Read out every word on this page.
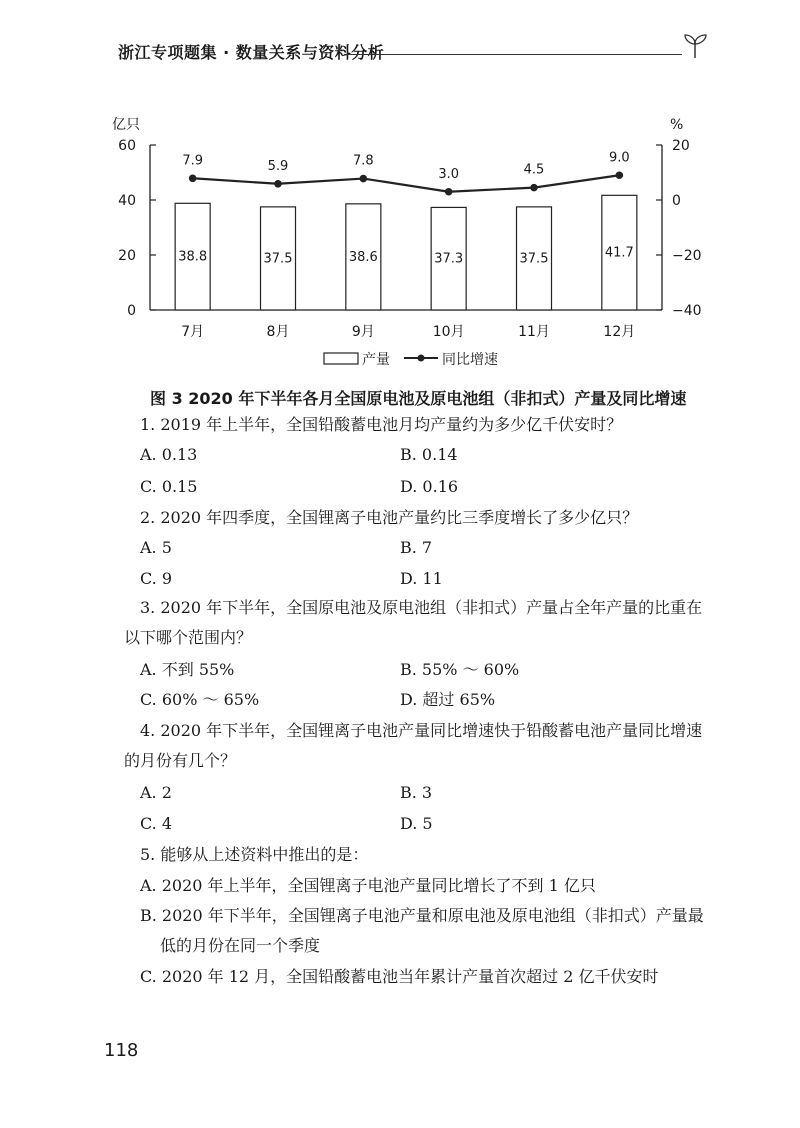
浙江专项题集 · 数量关系与资料分析
亿只	%
0
20
40
60
−40
−20
0
20
7月	8月	9月	10月	11月	12月
38.8	37.5	38.6	37.3	37.5	41.7
7.9	5.9	7.8
3.0	4.5
9.0
产量	同比增速
图 3 2020 年下半年各月全国原电池及原电池组（非扣式）产量及同比增速
1. 2019 年上半年，全国铅酸蓄电池月均产量约为多少亿千伏安时？
A. 0.13	B. 0.14
C. 0.15	D. 0.16
2. 2020 年四季度，全国锂离子电池产量约比三季度增长了多少亿只？
A. 5	B. 7
C. 9	D. 11
3. 2020 年下半年，全国原电池及原电池组（非扣式）产量占全年产量的比重在
以下哪个范围内？
A. 不到 55%	B. 55% ～ 60%
C. 60% ～ 65%	D. 超过 65%
4. 2020 年下半年，全国锂离子电池产量同比增速快于铅酸蓄电池产量同比增速
的月份有几个？
A. 2	B. 3
C. 4	D. 5
5. 能够从上述资料中推出的是：
A. 2020 年上半年，全国锂离子电池产量同比增长了不到 1 亿只
B. 2020 年下半年，全国锂离子电池产量和原电池及原电池组（非扣式）产量最
低的月份在同一个季度
C. 2020 年 12 月，全国铅酸蓄电池当年累计产量首次超过 2 亿千伏安时
118
